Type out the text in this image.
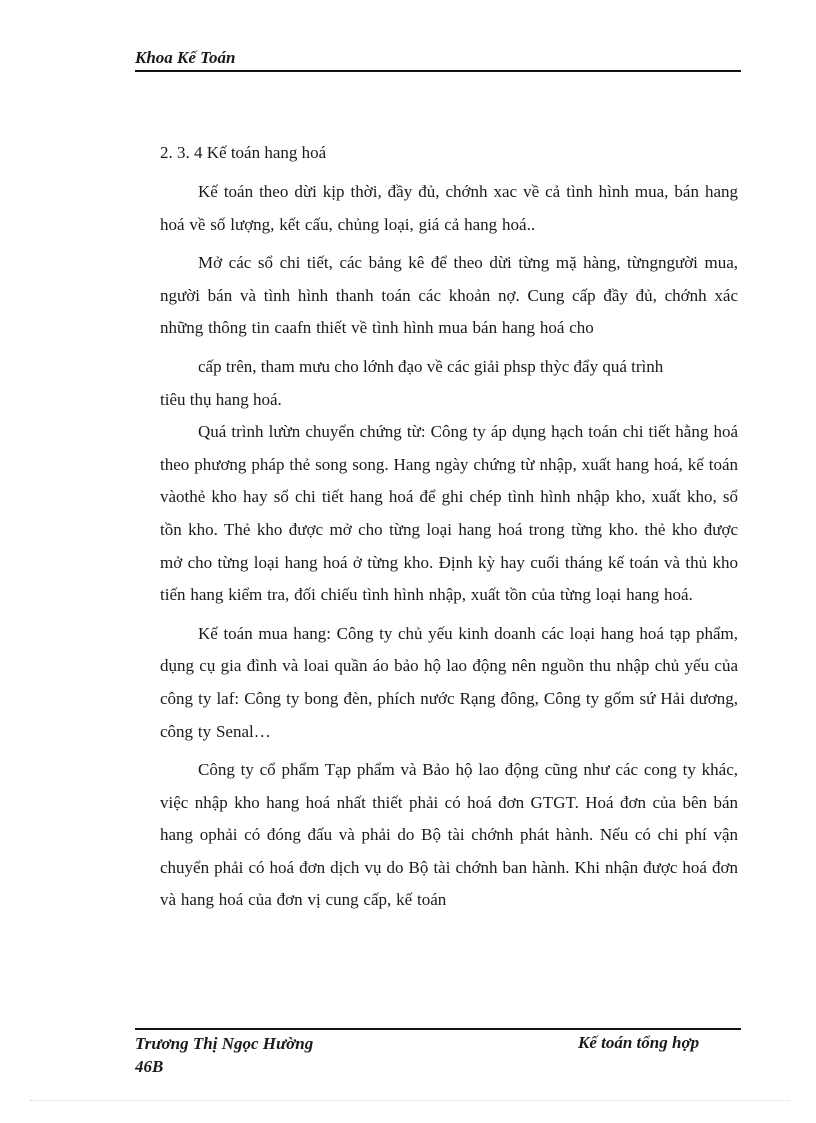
Khoa Kế Toán
2. 3. 4 Kế toán hang hoá

Kế toán theo dừi kịp thời, đầy đủ, chớnh xac về cả tình hình mua, bán hang hoá về số lượng, kết cấu, chủng loại, giá cả hang hoá..

Mở các sổ chi tiết, các bảng kê để theo dừi từng mặ hàng, từngngười mua, người bán và tình hình thanh toán các khoản nợ. Cung cấp đầy đủ, chớnh xác những thông tin caafn thiết về tình hình mua bán hang hoá cho

cấp trên, tham mưu cho lớnh đạo về các giải phsp thỳc đẩy quá trình
tiêu thụ hang hoá.

Quá trình lưừn chuyển chứng từ: Công ty áp dụng hạch toán chi tiết hằng hoá theo phương pháp thẻ song song. Hang ngày chứng từ nhập, xuất hang hoá, kế toán vàothẻ kho hay sổ chi tiết hang hoá để ghi chép tình hình nhập kho, xuất kho, sổ tồn kho. Thẻ kho được mở cho từng loại hang hoá trong từng kho. thẻ kho được mở cho từng loại hang hoá ở từng kho. Định kỳ hay cuối tháng kế toán và thủ kho tiến hang kiểm tra, đối chiếu tình hình nhập, xuất tồn của từng loại hang hoá.

Kế toán mua hang: Công ty chủ yếu kinh doanh các loại hang hoá tạp phẩm, dụng cụ gia đình và loai quần áo bảo hộ lao động nên nguồn thu nhập chủ yếu của công ty laf: Công ty bong đèn, phích nước Rạng đông, Công ty gốm sứ Hải dương, công ty Senal…

Công ty cổ phẩm Tạp phẩm và Bảo hộ lao động cũng như các cong ty khác, việc nhập kho hang hoá nhất thiết phải có hoá đơn GTGT. Hoá đơn của bên bán hang ophải có đóng đấu và phải do Bộ tài chớnh phát hành. Nếu có chi phí vận chuyển phải có hoá đơn dịch vụ do Bộ tài chớnh ban hành. Khi nhận được hoá đơn và hang hoá của đơn vị cung cấp, kế toán

Trương Thị Ngọc Hường
46B
Kế toán tổng hợp
